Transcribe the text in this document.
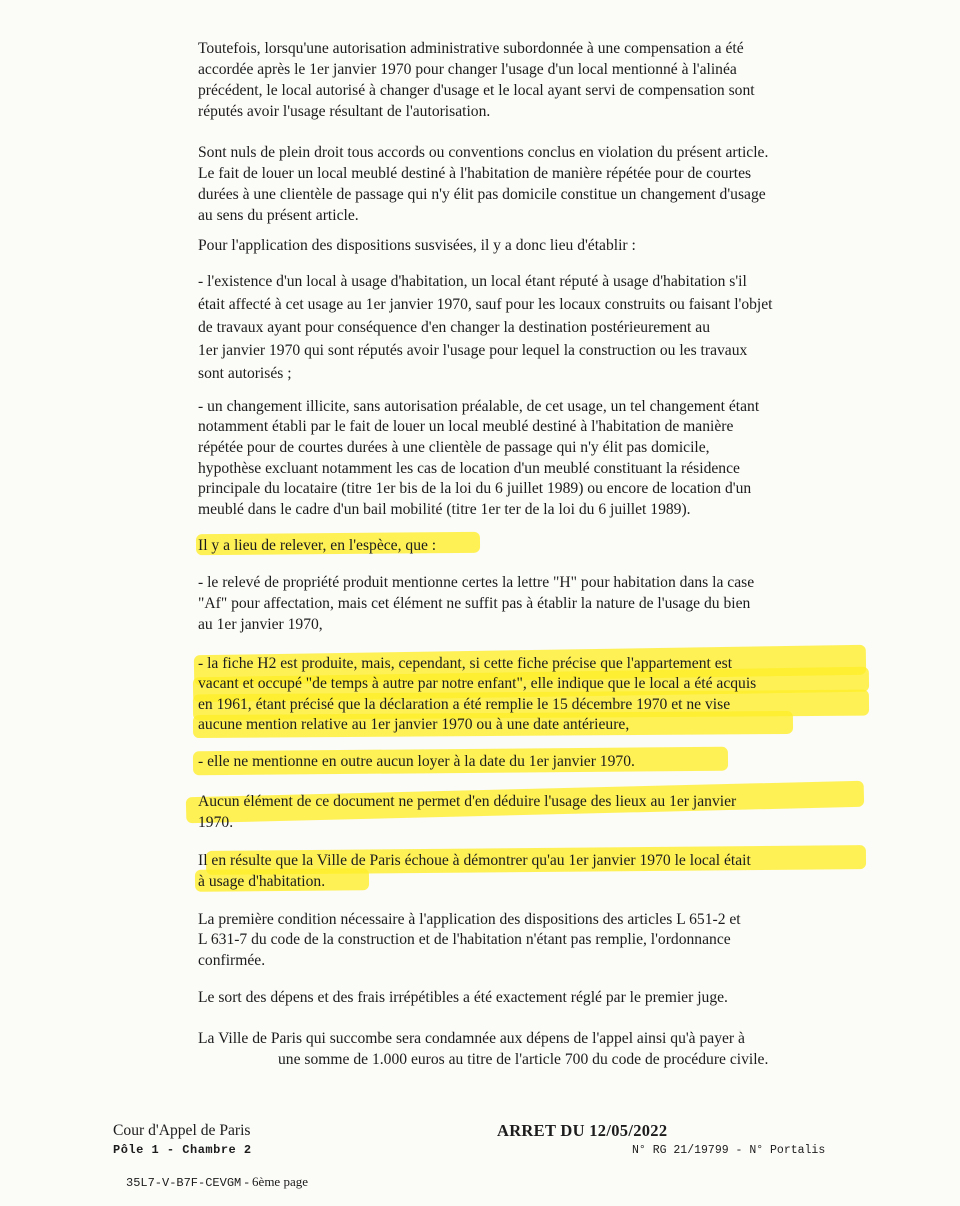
Toutefois, lorsqu'une autorisation administrative subordonnée à une compensation a été
accordée après le 1er janvier 1970 pour changer l'usage d'un local mentionné à l'alinéa
précédent, le local autorisé à changer d'usage et le local ayant servi de compensation sont
réputés avoir l'usage résultant de l'autorisation.
Sont nuls de plein droit tous accords ou conventions conclus en violation du présent article.
Le fait de louer un local meublé destiné à l'habitation de manière répétée pour de courtes
durées à une clientèle de passage qui n'y élit pas domicile constitue un changement d'usage
au sens du présent article.
Pour l'application des dispositions susvisées, il y a donc lieu d'établir :
- l'existence d'un local à usage d'habitation, un local étant réputé à usage d'habitation s'il
était affecté à cet usage au 1er janvier 1970, sauf pour les locaux construits ou faisant l'objet
de travaux ayant pour conséquence d'en changer la destination postérieurement au
1er janvier 1970 qui sont réputés avoir l'usage pour lequel la construction ou les travaux
sont autorisés ;
- un changement illicite, sans autorisation préalable, de cet usage, un tel changement étant
notamment établi par le fait de louer un local meublé destiné à l'habitation de manière
répétée pour de courtes durées à une clientèle de passage qui n'y élit pas domicile,
hypothèse excluant notamment les cas de location d'un meublé constituant la résidence
principale du locataire (titre 1er bis de la loi du 6 juillet 1989) ou encore de location d'un
meublé dans le cadre d'un bail mobilité (titre 1er ter de la loi du 6 juillet 1989).
Il y a lieu de relever, en l'espèce, que :
- le relevé de propriété produit mentionne certes la lettre "H" pour habitation dans la case
"Af" pour affectation, mais cet élément ne suffit pas à établir la nature de l'usage du bien
au 1er janvier 1970,
- la fiche H2 est produite, mais, cependant, si cette fiche précise que l'appartement est
vacant et occupé "de temps à autre par notre enfant", elle indique que le local a été acquis
en 1961, étant précisé que la déclaration a été remplie le 15 décembre 1970 et ne vise
aucune mention relative au 1er janvier 1970 ou à une date antérieure,
- elle ne mentionne en outre aucun loyer à la date du 1er janvier 1970.
Aucun élément de ce document ne permet d'en déduire l'usage des lieux au 1er janvier
1970.
Il en résulte que la Ville de Paris échoue à démontrer qu'au 1er janvier 1970 le local était
à usage d'habitation.
La première condition nécessaire à l'application des dispositions des articles L 651-2 et
L 631-7 du code de la construction et de l'habitation n'étant pas remplie, l'ordonnance
confirmée.
Le sort des dépens et des frais irrépétibles a été exactement réglé par le premier juge.
La Ville de Paris qui succombe sera condamnée aux dépens de l'appel ainsi qu'à payer à
une somme de 1.000 euros au titre de l'article 700 du code de procédure civile.
Cour d'Appel de Paris
Pôle 1 - Chambre 2

35L7-V-B7F-CEVGM - 6ème page

ARRET DU 12/05/2022
N° RG 21/19799 - N° Portalis
